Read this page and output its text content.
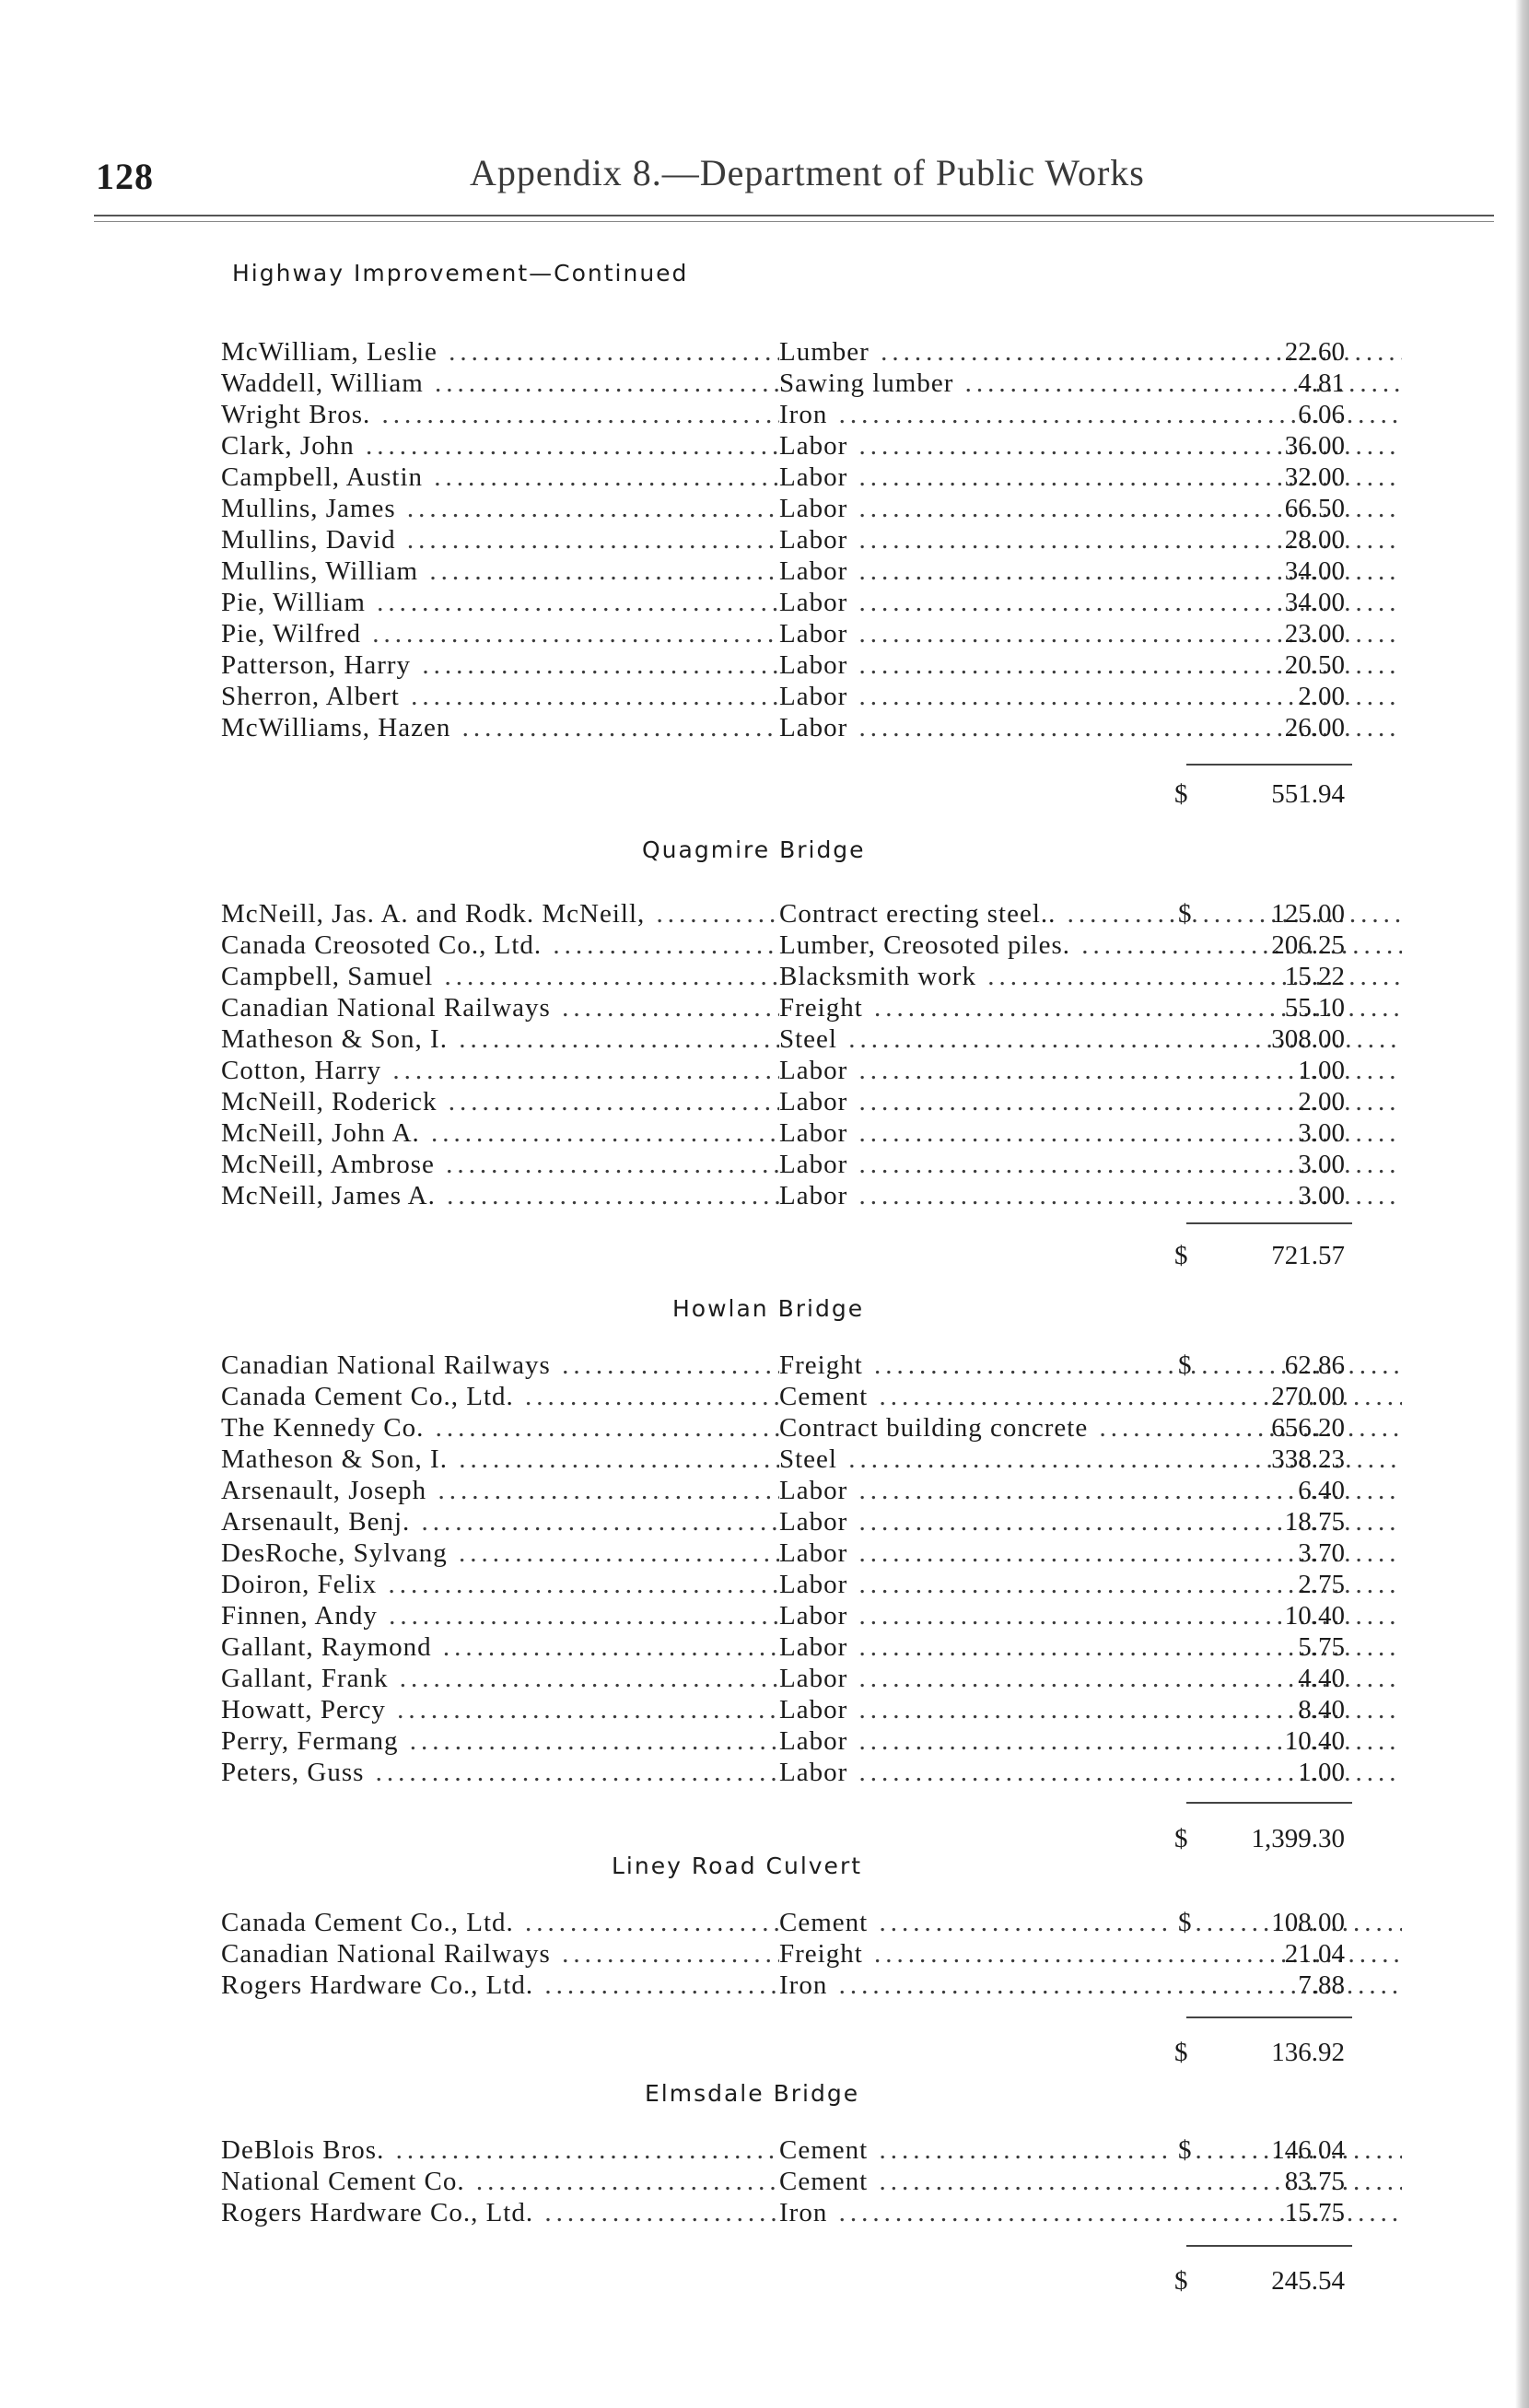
128	Appendix 8.—Department of Public Works
Highway Improvement—Continued
McWilliam, Leslie .....	Lumber .....	22.60
Waddell, William .....	Sawing lumber .....	4.81
Wright Bros. .....	Iron .....	6.06
Clark, John .....	Labor .....	36.00
Campbell, Austin .....	Labor .....	32.00
Mullins, James .....	Labor .....	66.50
Mullins, David .....	Labor .....	28.00
Mullins, William .....	Labor .....	34.00
Pie, William .....	Labor .....	34.00
Pie, Wilfred .....	Labor .....	23.00
Patterson, Harry .....	Labor .....	20.50
Sherron, Albert .....	Labor .....	2.00
McWilliams, Hazen .....	Labor .....	26.00
$	551.94
Quagmire Bridge
McNeill, Jas. A. and Rodk. McNeill, .....	Contract erecting steel.. .....	$	125.00
Canada Creosoted Co., Ltd. .....	Lumber, Creosoted piles. .....	206.25
Campbell, Samuel .....	Blacksmith work .....	15.22
Canadian National Railways .....	Freight .....	55.10
Matheson & Son, I. .....	Steel .....	308.00
Cotton, Harry .....	Labor .....	1.00
McNeill, Roderick .....	Labor .....	2.00
McNeill, John A. .....	Labor .....	3.00
McNeill, Ambrose .....	Labor .....	3.00
McNeill, James A. .....	Labor .....	3.00
$	721.57
Howlan Bridge
Canadian National Railways .....	Freight .....	$	62.86
Canada Cement Co., Ltd. .....	Cement .....	270.00
The Kennedy Co. .....	Contract building concrete .....	656.20
Matheson & Son, I. .....	Steel .....	338.23
Arsenault, Joseph .....	Labor .....	6.40
Arsenault, Benj. .....	Labor .....	18.75
DesRoche, Sylvang .....	Labor .....	3.70
Doiron, Felix .....	Labor .....	2.75
Finnen, Andy .....	Labor .....	10.40
Gallant, Raymond .....	Labor .....	5.75
Gallant, Frank .....	Labor .....	4.40
Howatt, Percy .....	Labor .....	8.40
Perry, Fermang .....	Labor .....	10.40
Peters, Guss .....	Labor .....	1.00
$ 1,399.30
Liney Road Culvert
Canada Cement Co., Ltd. .....	Cement .....	$	108.00
Canadian National Railways .....	Freight .....	21.04
Rogers Hardware Co., Ltd. .....	Iron .....	7.88
$	136.92
Elmsdale Bridge
DeBlois Bros. .....	Cement .....	$	146.04
National Cement Co. .....	Cement .....	83.75
Rogers Hardware Co., Ltd. .....	Iron .....	15.75
$	245.54
